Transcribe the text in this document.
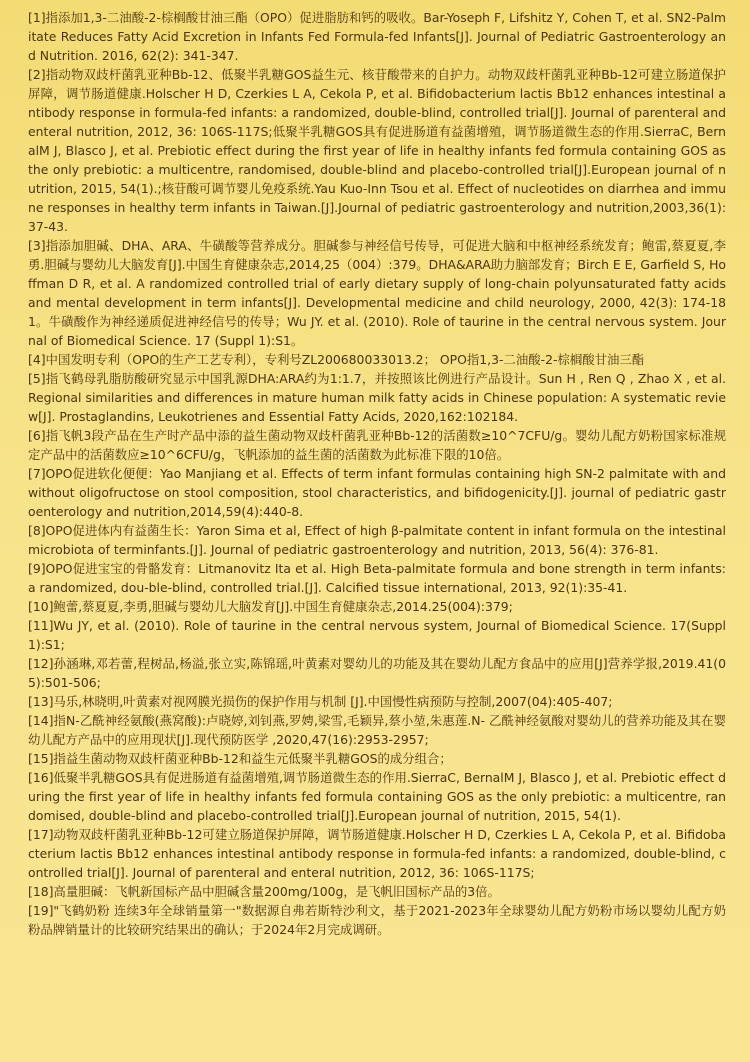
[1]指添加1,3-二油酸-2-棕榈酸甘油三酯（OPO）促进脂肪和钙的吸收。Bar-Yoseph F, Lifshitz Y, Cohen T, et al. SN2-Palmitate Reduces Fatty Acid Excretion in Infants Fed Formula-fed Infants[J]. Journal of Pediatric Gastroenterology and Nutrition. 2016, 62(2): 341-347.

[2]指动物双歧杆菌乳亚种Bb-12、低聚半乳糖GOS益生元、核苷酸带来的自护力。动物双歧杆菌乳亚种Bb-12可建立肠道保护屏障，调节肠道健康.Holscher H D, Czerkies L A, Cekola P, et al. Bifidobacterium lactis Bb12 enhances intestinal antibody response in formula‐fed infants: a randomized, double‐blind, controlled trial[J]. Journal of parenteral and enteral nutrition, 2012, 36: 106S-117S;低聚半乳糖GOS具有促进肠道有益菌增殖，调节肠道微生态的作用.SierraC, BernalM J, Blasco J, et al. Prebiotic effect during the first year of life in healthy infants fed formula containing GOS as the only prebiotic: a multicentre, randomised, double-blind and placebo-controlled trial[J].European journal of nutrition, 2015, 54(1).;核苷酸可调节婴儿免疫系统.Yau Kuo-Inn Tsou et al. Effect of nucleotides on diarrhea and immune responses in healthy term infants in Taiwan.[J].Journal of pediatric gastroenterology and nutrition,2003,36(1):37-43.

[3]指添加胆碱、DHA、ARA、牛磺酸等营养成分。胆碱参与神经信号传导，可促进大脑和中枢神经系统发育；鲍雷,蔡夏夏,李勇.胆碱与婴幼儿大脑发育[J].中国生育健康杂志,2014,25（004）:379。DHA&ARA助力脑部发育；Birch E E, Garfield S, Hoffman D R, et al. A randomized controlled trial of early dietary supply of long-chain polyunsaturated fatty acids and mental development in term infants[J]. Developmental medicine and child neurology, 2000, 42(3): 174-181。牛磺酸作为神经递质促进神经信号的传导；Wu JY. et al. (2010). Role of taurine in the central nervous system. Journal of Biomedical Science. 17 (Suppl 1):S1。

[4]中国发明专利（OPO的生产工艺专利），专利号ZL200680033013.2； OPO指1,3-二油酸-2-棕榈酸甘油三酯

[5]指飞鹤母乳脂肪酸研究显示中国乳源DHA:ARA约为1:1.7，并按照该比例进行产品设计。Sun H , Ren Q , Zhao X , et al. Regional similarities and differences in mature human milk fatty acids in Chinese population: A systematic review[J]. Prostaglandins, Leukotrienes and Essential Fatty Acids, 2020,162:102184.

[6]指飞帆3段产品在生产时产品中添的益生菌动物双歧杆菌乳亚种Bb-12的活菌数≥10^7CFU/g。婴幼儿配方奶粉国家标准规定产品中的活菌数应≥10^6CFU/g，飞帆添加的益生菌的活菌数为此标准下限的10倍。

[7]OPO促进软化便便：Yao Manjiang et al. Effects of term infant formulas containing high SN-2 palmitate with and without oligofructose on stool composition, stool characteristics, and bifidogenicity.[J]. journal of pediatric gastroenterology and nutrition,2014,59(4):440-8.

[8]OPO促进体内有益菌生长：Yaron Sima et al, Effect of high β-palmitate content in infant formula on the intestinal microbiota of terminfants.[J]. Journal of pediatric gastroenterology and nutrition, 2013, 56(4): 376-81.

[9]OPO促进宝宝的骨骼发育：Litmanovitz Ita et al. High Beta-palmitate formula and bone strength in term infants: a randomized, dou-ble-blind, controlled trial.[J]. Calcified tissue international, 2013, 92(1):35-41.

[10]鲍蕾,蔡夏夏,李勇,胆碱与婴幼儿大脑发育[J].中国生育健康杂志,2014.25(004):379;

[11]Wu JY, et al. (2010). Role of taurine in the central nervous system, Journal of Biomedical Science. 17(Suppl 1):S1;

[12]孙涵琳,邓若蕾,程树品,杨溢,张立实,陈锦瑶,叶黄素对婴幼儿的功能及其在婴幼儿配方食品中的应用[J]营养学报,2019.41(05):501-506;

[13]马乐,林晓明,叶黄素对视网膜光损伤的保护作用与机制 [J].中国慢性病预防与控制,2007(04):405-407;

[14]指N-乙酰神经氨酸(燕窝酸):卢晓婷,刘钊燕,罗娉,梁雪,毛颖异,蔡小堃,朱惠莲.N- 乙酰神经氨酸对婴幼儿的营养功能及其在婴幼儿配方产品中的应用现状[J].现代预防医学 ,2020,47(16):2953-2957;

[15]指益生菌动物双歧杆菌亚种Bb-12和益生元低聚半乳糖GOS的成分组合；

[16]低聚半乳糖GOS具有促进肠道有益菌增殖,调节肠道微生态的作用.SierraC, BernalM J, Blasco J, et al. Prebiotic effect during the first year of life in healthy infants fed formula containing GOS as the only prebiotic: a multicentre, randomised, double-blind and placebo-controlled trial[J].European journal of nutrition, 2015, 54(1).

[17]动物双歧杆菌乳亚种Bb-12可建立肠道保护屏障，调节肠道健康.Holscher H D, Czerkies L A, Cekola P, et al. Bifidobacterium lactis Bb12 enhances intestinal antibody response in formula‐fed infants: a randomized, double‐blind, controlled trial[J]. Journal of parenteral and enteral nutrition, 2012, 36: 106S-117S;

[18]高量胆碱：飞帆新国标产品中胆碱含量200mg/100g，是飞帆旧国标产品的3倍。

[19]"飞鹤奶粉 连续3年全球销量第一"数据源自弗若斯特沙利文，基于2021-2023年全球婴幼儿配方奶粉市场以婴幼儿配方奶粉品牌销量计的比较研究结果出的确认；于2024年2月完成调研。
